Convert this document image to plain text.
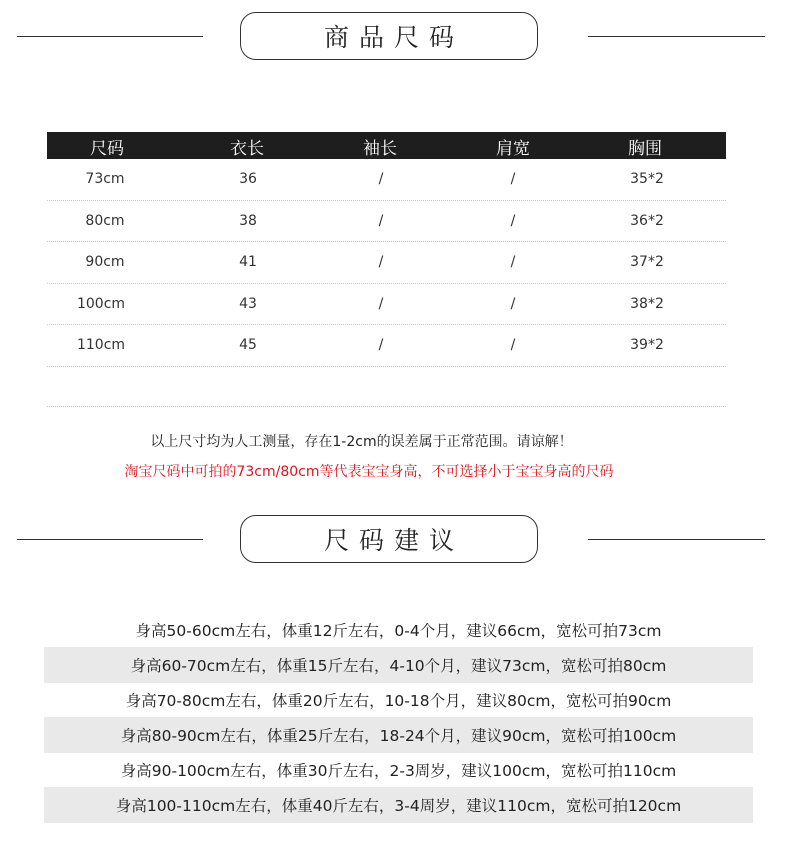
商品尺码
尺码	衣长	袖长	肩宽	胸围
73cm	36	/	/	35*2
80cm	38	/	/	36*2
90cm	41	/	/	37*2
100cm	43	/	/	38*2
110cm	45	/	/	39*2
以上尺寸均为人工测量，存在1-2cm的误差属于正常范围。请谅解！
淘宝尺码中可拍的73cm/80cm等代表宝宝身高，不可选择小于宝宝身高的尺码
尺码建议
身高50-60cm左右，体重12斤左右，0-4个月，建议66cm，宽松可拍73cm
身高60-70cm左右，体重15斤左右，4-10个月，建议73cm，宽松可拍80cm
身高70-80cm左右，体重20斤左右，10-18个月，建议80cm，宽松可拍90cm
身高80-90cm左右，体重25斤左右，18-24个月，建议90cm，宽松可拍100cm
身高90-100cm左右，体重30斤左右，2-3周岁，建议100cm，宽松可拍110cm
身高100-110cm左右，体重40斤左右，3-4周岁，建议110cm，宽松可拍120cm
